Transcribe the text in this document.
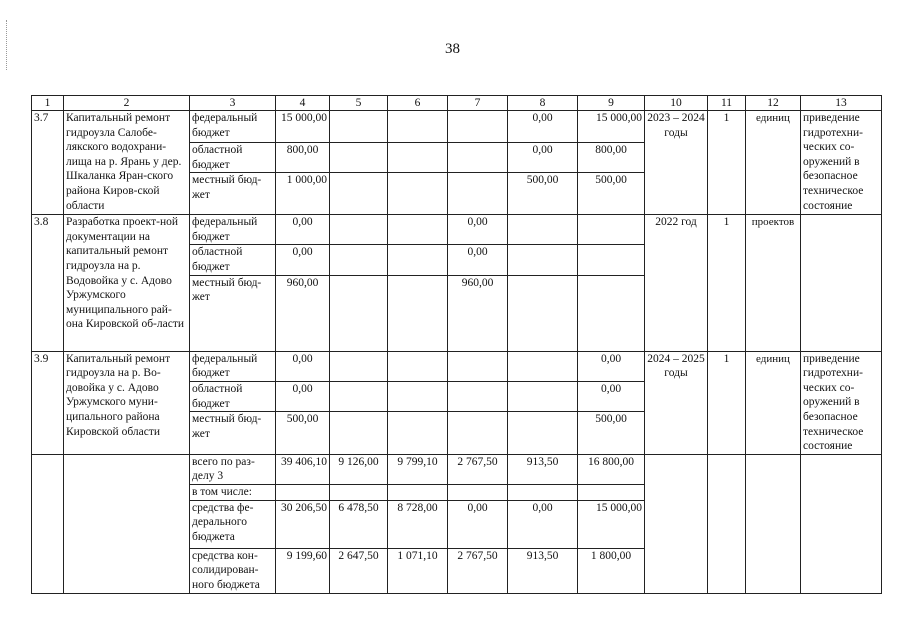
38
1	2	3	4	5	6	7	8	9	10	11	12	13
3.7	Капитальный ремонт гидроузла Салобе-лякского водохрани-лища на р. Ярань у дер. Шкаланка Яран-ского района Киров-ской области	федеральный бюджет	15 000,00				0,00	15 000,00	2023 – 2024 годы	1	единиц	приведение гидротехни-ческих со-оружений в безопасное техническое состояние
		областной бюджет	800,00				0,00	800,00				
		местный бюд-жет	1 000,00				500,00	500,00				
3.8	Разработка проект-ной документации на капитальный ремонт гидроузла на р. Водовойка у с. Адово Уржумского муниципального рай-она Кировской об-ласти	федеральный бюджет	0,00			0,00			2022 год	1	проектов	
		областной бюджет	0,00			0,00						
		местный бюд-жет	960,00			960,00						
3.9	Капитальный ремонт гидроузла на р. Во-довойка у с. Адово Уржумского муни-ципального района Кировской области	федеральный бюджет	0,00					0,00	2024 – 2025 годы	1	единиц	приведение гидротехни-ческих со-оружений в безопасное техническое состояние
		областной бюджет	0,00					0,00				
		местный бюд-жет	500,00					500,00				
		всего по раз-делу 3	39 406,10	9 126,00	9 799,10	2 767,50	913,50	16 800,00				
		в том числе:										
		средства фе-дерального бюджета	30 206,50	6 478,50	8 728,00	0,00	0,00	15 000,00				
		средства кон-солидирован-ного бюджета	9 199,60	2 647,50	1 071,10	2 767,50	913,50	1 800,00				
